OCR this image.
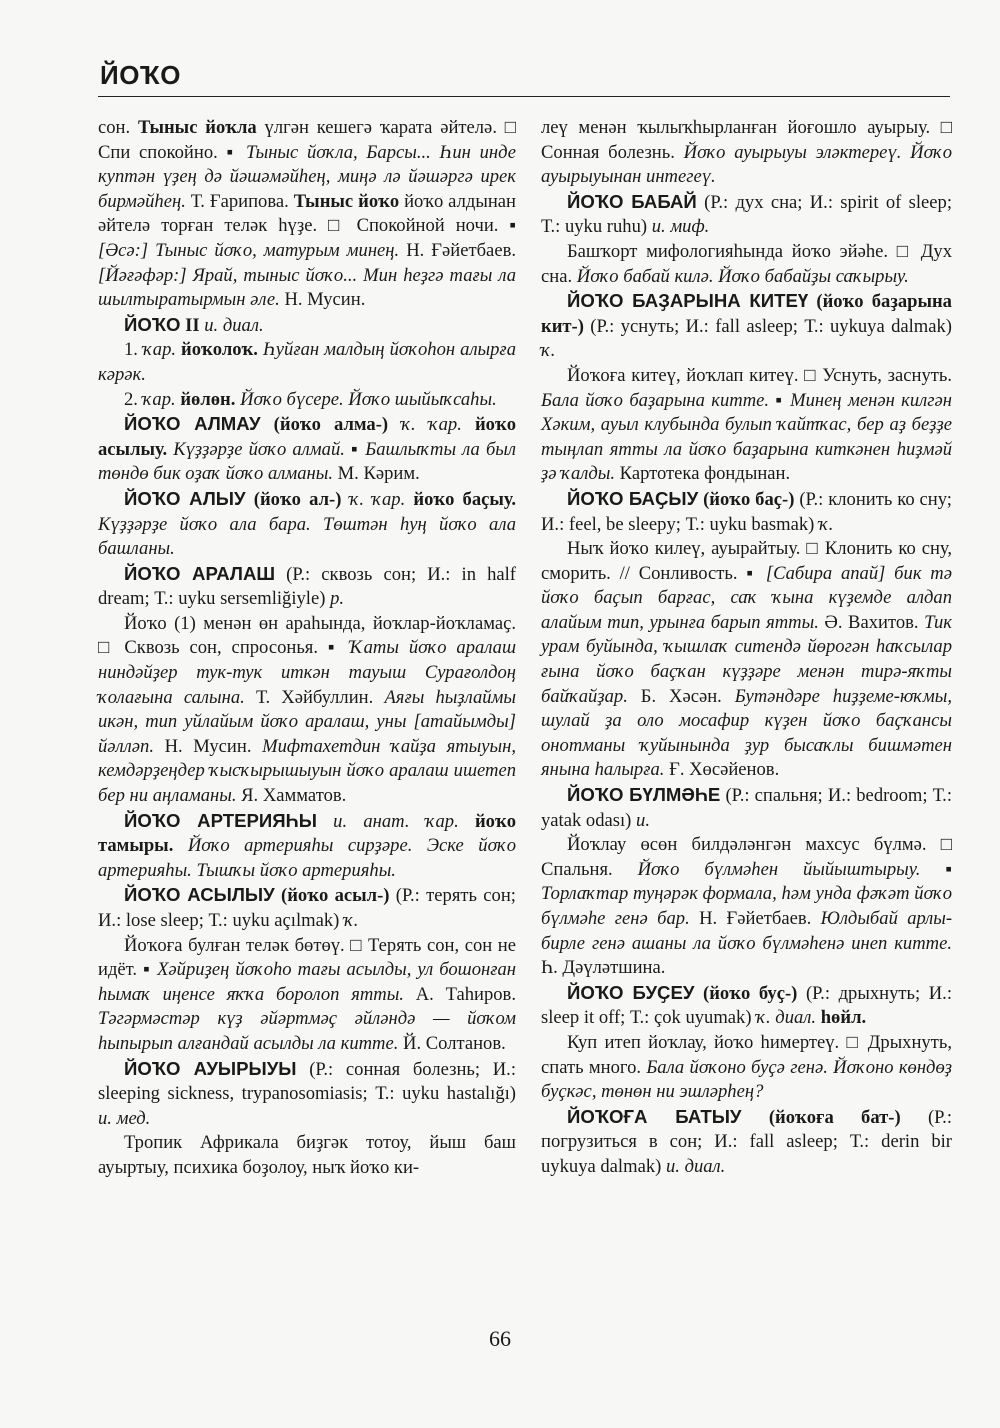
ЙОҠО

сон. Тыныс йоҡла үлгән кешегә ҡарата әйтелә. □ Спи спокойно. ▪ Тыныс йоҡла, Барсы... Һин инде куптән үҙең дә йәшәмәйһең, миңә лә йәшәргә ирек бирмәйһең. Т. Ғарипова. Тыныс йоҡо йоҡо алдынан әйтелә торған теләк һүҙе. □ Спокойной ночи. ▪ [Әсә:] Тыныс йоҡо, матурым минең. Н. Ғәйетбаев. [Йәғәфәр:] Ярай, тыныс йоҡо... Мин һеҙгә тағы ла шылтыратырмын әле. Н. Мусин.

ЙОҠО II и. диал.

1. ҡар. йоҡолоҡ. Һуйған малдың йоҡоһон алырға кәрәк.

2. ҡар. йөлөн. Йоҡо бүсере. Йоҡо шыйыҡсаһы.

ЙОҠО АЛМАУ (йоҡо алма-) ҡ. ҡар. йоҡо асылыу. Күҙҙәрҙе йоҡо алмай. ▪ Башлыҡты ла был төндө бик оҙаҡ йоҡо алманы. М. Кәрим.

ЙОҠО АЛЫУ (йоҡо ал-) ҡ. ҡар. йоҡо баҫыу. Күҙҙәрҙе йоҡо ала бара. Төштән һуң йоҡо ала башланы.

ЙОҠО АРАЛАШ (Р.: сквозь сон; И.: in half dream; Т.: uyku sersemliğiyle) р.

Йоҡо (1) менән өн араһында, йоҡлар-йоҡламаҫ. □ Сквозь сон, спросонья. ▪ Ҡаты йоҡо аралаш ниндәйҙер тук-тук иткән тауыш Сурағолдоң ҡолағына салына. Т. Хәйбуллин. Аяғы һыҙлаймы икән, тип уйлайым йоҡо аралаш, уны [атайымды] йәлләп. Н. Мусин. Мифтахетдин ҡайҙа ятыуын, кемдәрҙеңдер ҡысҡырышыуын йоҡо аралаш ишетеп бер ни аңламаны. Я. Хамматов.

ЙОҠО АРТЕРИЯҺЫ и. анат. ҡар. йоҡо тамыры. Йоҡо артерияһы сирҙәре. Эске йоҡо артерияһы. Тышҡы йоҡо артерияһы.

ЙОҠО АСЫЛЫУ (йоҡо асыл-) (Р.: терять сон; И.: lose sleep; Т.: uyku açılmak) ҡ.

Йоҡоға булған теләк бөтөү. □ Терять сон, сон не идёт. ▪ Хәйриҙең йоҡоһо тағы асылды, ул бошонған һымаҡ иңенсе яҡҡа боролоп ятты. А. Таһиров. Тәгәрмәстәр күҙ әйәртмәҫ әйләндә — йоҡом һыпырып алғандай асылды ла китте. Й. Солтанов.

ЙОҠО АУЫРЫУЫ (Р.: сонная болезнь; И.: sleeping sickness, trypanosomiasis; Т.: uyku hastalığı) и. мед.

Тропик Африкала биҙгәк тотоу, йыш баш ауыртыу, психика боҙолоу, ныҡ йоҡо ки-

леү менән ҡылыҡһырланған йоғошло ауырыу. □ Сонная болезнь. Йоҡо ауырыуы эләктереү. Йоҡо ауырыуынан интегеү.

ЙОҠО БАБАЙ (Р.: дух сна; И.: spirit of sleep; Т.: uyku ruhu) и. миф.

Башҡорт мифологияһында йоҡо эйәһе. □ Дух сна. Йоҡо бабай килә. Йоҡо бабайҙы саҡырыу.

ЙОҠО БАҘАРЫНА КИТЕҮ (йоҡо баҙарына кит-) (Р.: уснуть; И.: fall asleep; Т.: uykuya dalmak) ҡ.

Йоҡоға китеү, йоҡлап китеү. □ Уснуть, заснуть. Бала йоҡо баҙарына китте. ▪ Минең менән килгән Хәким, ауыл клубында булып ҡайтҡас, бер аҙ беҙҙе тыңлап ятты ла йоҡо баҙарына киткәнен һиҙмәй ҙә ҡалды. Картотека фондынан.

ЙОҠО БАҪЫУ (йоҡо баҫ-) (Р.: клонить ко сну; И.: feel, be sleepy; Т.: uyku basmak) ҡ.

Ныҡ йоҡо килеү, ауырайтыу. □ Клонить ко сну, сморить. // Сонливость. ▪ [Сабира апай] бик тә йоҡо баҫып барғас, саҡ ҡына күҙемде алдап алайым тип, урынға барып ятты. Ә. Вахитов. Тик урам буйында, ҡышлаҡ ситендә йөрогән һаҡсылар ғына йоҡо баҫҡан күҙҙәре менән тирә-яҡты байҡайҙар. Б. Хәсән. Бутәндәре һиҙҙеме-юҡмы, шулай ҙа оло мосафир күҙен йоҡо баҫҡансы онотманы ҡуйынында ҙур бысаҡлы бишмәтен янына һалырға. Ғ. Хөсәйенов.

ЙОҠО БҮЛМӘҺЕ (Р.: спальня; И.: bedroom; Т.: yatak odası) и.

Йоҡлау өсөн билдәләнгән махсус бүлмә. □ Спальня. Йоҡо бүлмәһен йыйыштырыу. ▪ Торлаҡтар туңәрәк формала, һәм унда фәҡәт йоҡо бүлмәһе генә бар. Н. Ғәйетбаев. Юлдыбай арлы-бирле генә ашаны ла йоҡо бүлмәһенә инеп китте. Һ. Дәүләтшина.

ЙОҠО БУҪЕУ (йоҡо буҫ-) (Р.: дрыхнуть; И.: sleep it off; Т.: çok uyumak) ҡ. диал. һөйл.

Куп итеп йоҡлау, йоҡо һимертеү. □ Дрыхнуть, спать много. Бала йоҡоно буҫә генә. Йоҡоно көндөҙ буҫкәс, төнөн ни эшләрһең?

ЙОҠОҒА БАТЫУ (йоҡоға бат-) (Р.: погрузиться в сон; И.: fall asleep; Т.: derin bir uykuya dalmak) и. диал.

66
